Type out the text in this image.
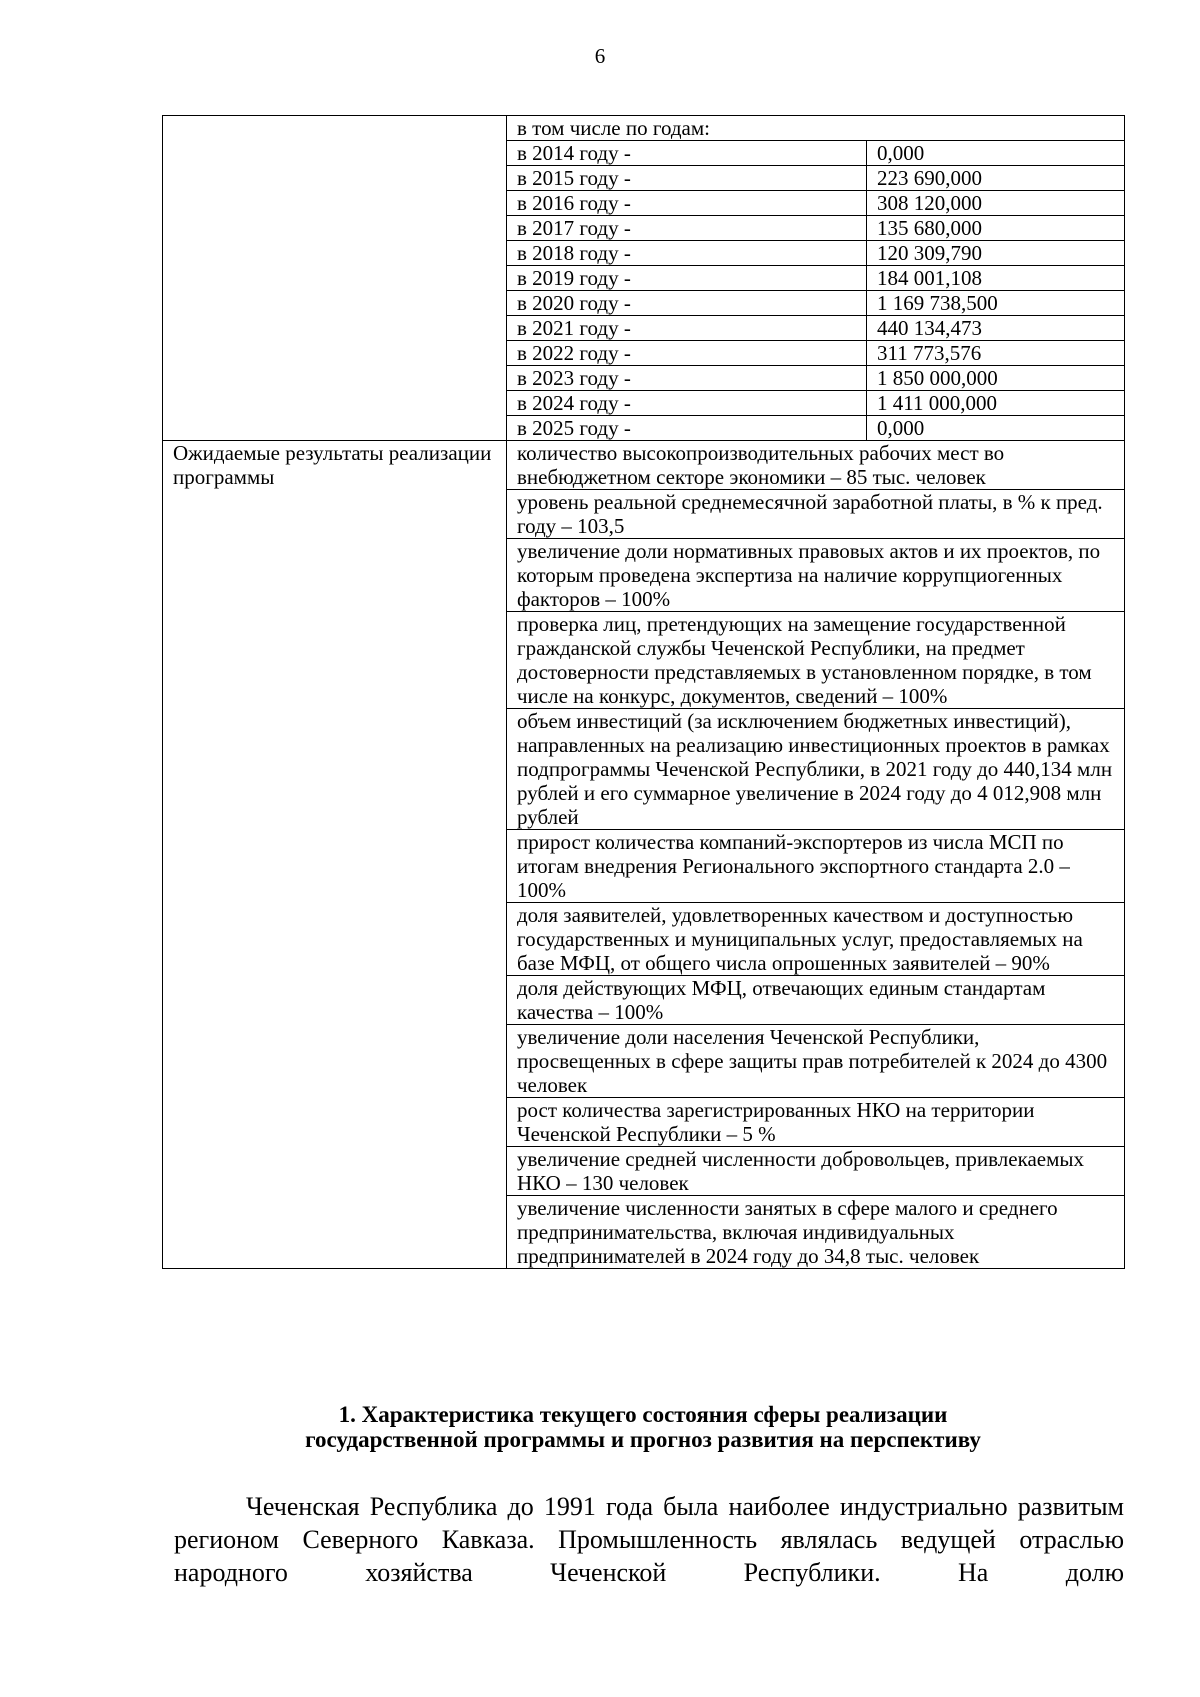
6
	в том числе по годам:	
	в 2014 году -	0,000
	в 2015 году -	223 690,000
	в 2016 году -	308 120,000
	в 2017 году -	135 680,000
	в 2018 году -	120 309,790
	в 2019 году -	184 001,108
	в 2020 году -	1 169 738,500
	в 2021 году -	440 134,473
	в 2022 году -	311 773,576
	в 2023 году -	1 850 000,000
	в 2024 году -	1 411 000,000
	в 2025 году -	0,000
Ожидаемые результаты реализации программы	количество высокопроизводительных рабочих мест во внебюджетном секторе экономики – 85 тыс. человек	
	уровень реальной среднемесячной заработной платы, в % к пред. году – 103,5	
	увеличение доли нормативных правовых актов и их проектов, по которым проведена экспертиза на наличие коррупциогенных факторов – 100%	
	проверка лиц, претендующих на замещение государственной гражданской службы Чеченской Республики, на предмет достоверности представляемых в установленном порядке, в том числе на конкурс, документов, сведений – 100%	
	объем инвестиций (за исключением бюджетных инвестиций), направленных на реализацию инвестиционных проектов в рамках подпрограммы Чеченской Республики, в 2021 году до 440,134 млн рублей и его суммарное увеличение в 2024 году до 4 012,908 млн рублей	
	прирост количества компаний-экспортеров из числа МСП по итогам внедрения Регионального экспортного стандарта 2.0 –100%	
	доля заявителей, удовлетворенных качеством и доступностью государственных и муниципальных услуг, предоставляемых на базе МФЦ, от общего числа опрошенных заявителей – 90%	
	доля действующих МФЦ, отвечающих единым стандартам качества – 100%	
	увеличение доли населения Чеченской Республики, просвещенных в сфере защиты прав потребителей к 2024 до 4300 человек	
	рост количества зарегистрированных НКО на территории Чеченской Республики – 5 %	
	увеличение средней численности добровольцев, привлекаемых НКО – 130 человек	
	увеличение численности занятых в сфере малого и среднего предпринимательства, включая индивидуальных предпринимателей в 2024 году до 34,8 тыс. человек	
1. Характеристика текущего состояния сферы реализации
государственной программы и прогноз развития на перспективу

Чеченская Республика до 1991 года была наиболее индустриально развитым регионом Северного Кавказа. Промышленность являлась ведущей отраслью народного хозяйства Чеченской Республики. На долю
